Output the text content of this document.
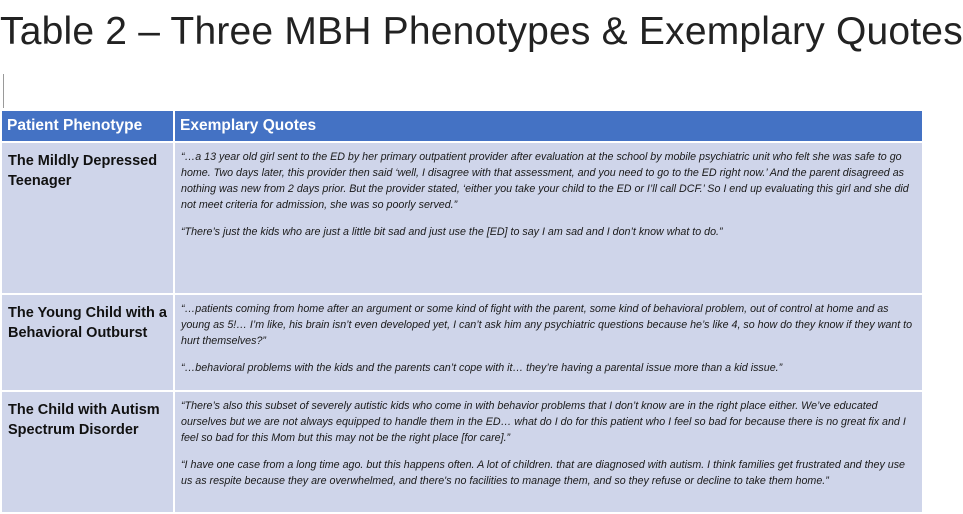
Table 2 – Three MBH Phenotypes & Exemplary Quotes
Patient Phenotype	Exemplary Quotes
The Mildly Depressed Teenager	“…a 13 year old girl sent to the ED by her primary outpatient provider after evaluation at the school by mobile psychiatric unit who felt she was safe to go home. Two days later, this provider then said ‘well, I disagree with that assessment, and you need to go to the ED right now.’ And the parent disagreed as nothing was new from 2 days prior. But the provider stated, ‘either you take your child to the ED or I’ll call DCF.’ So I end up evaluating this girl and she did not meet criteria for admission, she was so poorly served.”

“There’s just the kids who are just a little bit sad and just use the [ED] to say I am sad and I don’t know what to do.”

The Young Child with a Behavioral Outburst	“…patients coming from home after an argument or some kind of fight with the parent, some kind of behavioral problem, out of control at home and as young as 5!… I’m like, his brain isn’t even developed yet, I can’t ask him any psychiatric questions because he’s like 4, so how do they know if they want to hurt themselves?”

“…behavioral problems with the kids and the parents can’t cope with it… they’re having a parental issue more than a kid issue.”

The Child with Autism Spectrum Disorder	“There’s also this subset of severely autistic kids who come in with behavior problems that I don’t know are in the right place either. We’ve educated ourselves but we are not always equipped to handle them in the ED… what do I do for this patient who I feel so bad for because there is no great fix and I feel so bad for this Mom but this may not be the right place [for care].”

“I have one case from a long time ago. but this happens often. A lot of children. that are diagnosed with autism. I think families get frustrated and they use us as respite because they are overwhelmed, and there's no facilities to manage them, and so they refuse or decline to take them home.”
